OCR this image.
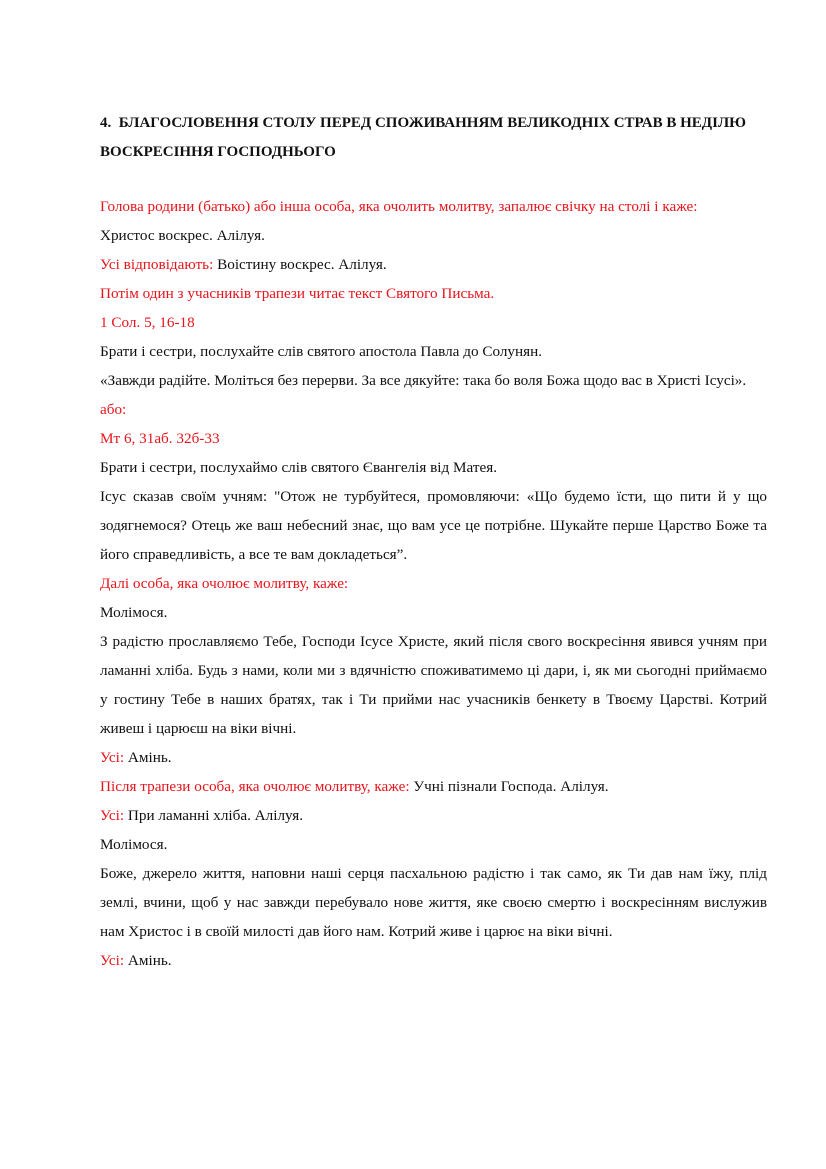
4. БЛАГОСЛОВЕННЯ СТОЛУ ПЕРЕД СПОЖИВАННЯМ ВЕЛИКОДНІХ СТРАВ В НЕДІЛЮ ВОСКРЕСІННЯ ГОСПОДНЬОГО

Голова родини (батько) або інша особа, яка очолить молитву, запалює свічку на столі і каже:

Христос воскрес. Алілуя.

Усі відповідають: Воістину воскрес. Алілуя.

Потім один з учасників трапези читає текст Святого Письма.

1 Сол. 5, 16-18

Брати і сестри, послухайте слів святого апостола Павла до Солунян.

«Завжди радійте. Моліться без перерви. За все дякуйте: така бо воля Божа щодо вас в Христі Ісусі».

або:

Мт 6, 31аб. 32б-33

Брати і сестри, послухаймо слів святого Євангелія від Матея.

Ісус сказав своїм учням: "Отож не турбуйтеся, промовляючи: «Що будемо їсти, що пити й у що зодягнемося? Отець же ваш небесний знає, що вам усе це потрібне. Шукайте перше Царство Боже та його справедливість, а все те вам докладеться”.

Далі особа, яка очолює молитву, каже:

Молімося.

З радістю прославляємо Тебе, Господи Ісусе Христе, який після свого воскресіння явився учням при ламанні хліба. Будь з нами, коли ми з вдячністю споживатимемо ці дари, і, як ми сьогодні приймаємо у гостину Тебе в наших братях, так і Ти прийми нас учасників бенкету в Твоєму Царстві. Котрий живеш і царюєш на віки вічні.

Усі: Амінь.

Після трапези особа, яка очолює молитву, каже: Учні пізнали Господа. Алілуя.

Усі: При ламанні хліба. Алілуя.

Молімося.

Боже, джерело життя, наповни наші серця пасхальною радістю і так само, як Ти дав нам їжу, плід землі, вчини, щоб у нас завжди перебувало нове життя, яке своєю смертю і воскресінням вислужив нам Христос і в своїй милості дав його нам. Котрий живе і царює на віки вічні.

Усі: Амінь.
